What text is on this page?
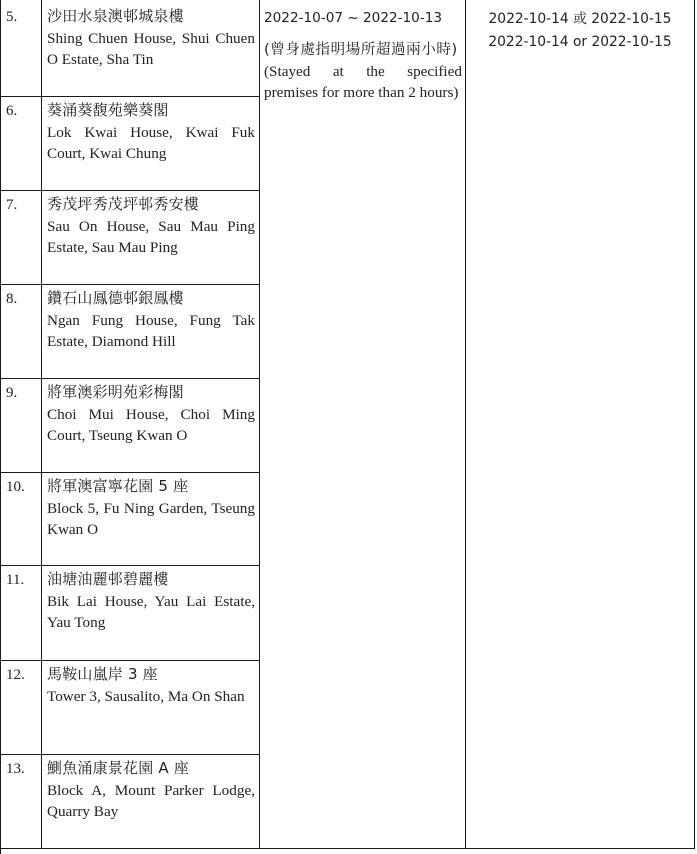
5. 沙田水泉澳邨城泉樓
Shing Chuen House, Shui Chuen O Estate, Sha Tin
6. 葵涌葵馥苑樂葵閣
Lok Kwai House, Kwai Fuk Court, Kwai Chung
7. 秀茂坪秀茂坪邨秀安樓
Sau On House, Sau Mau Ping Estate, Sau Mau Ping
8. 鑽石山鳳德邨銀鳳樓
Ngan Fung House, Fung Tak Estate, Diamond Hill
9. 將軍澳彩明苑彩梅閣
Choi Mui House, Choi Ming Court, Tseung Kwan O
10. 將軍澳富寧花園 5 座
Block 5, Fu Ning Garden, Tseung Kwan O
11. 油塘油麗邨碧麗樓
Bik Lai House, Yau Lai Estate, Yau Tong
12. 馬鞍山嵐岸 3 座
Tower 3, Sausalito, Ma On Shan
13. 鰂魚涌康景花園 A 座
Block A, Mount Parker Lodge, Quarry Bay
2022-10-07 ~ 2022-10-13
(曾身處指明場所超過兩小時)
(Stayed at the specified premises for more than 2 hours)
2022-10-14 或 2022-10-15
2022-10-14 or 2022-10-15
